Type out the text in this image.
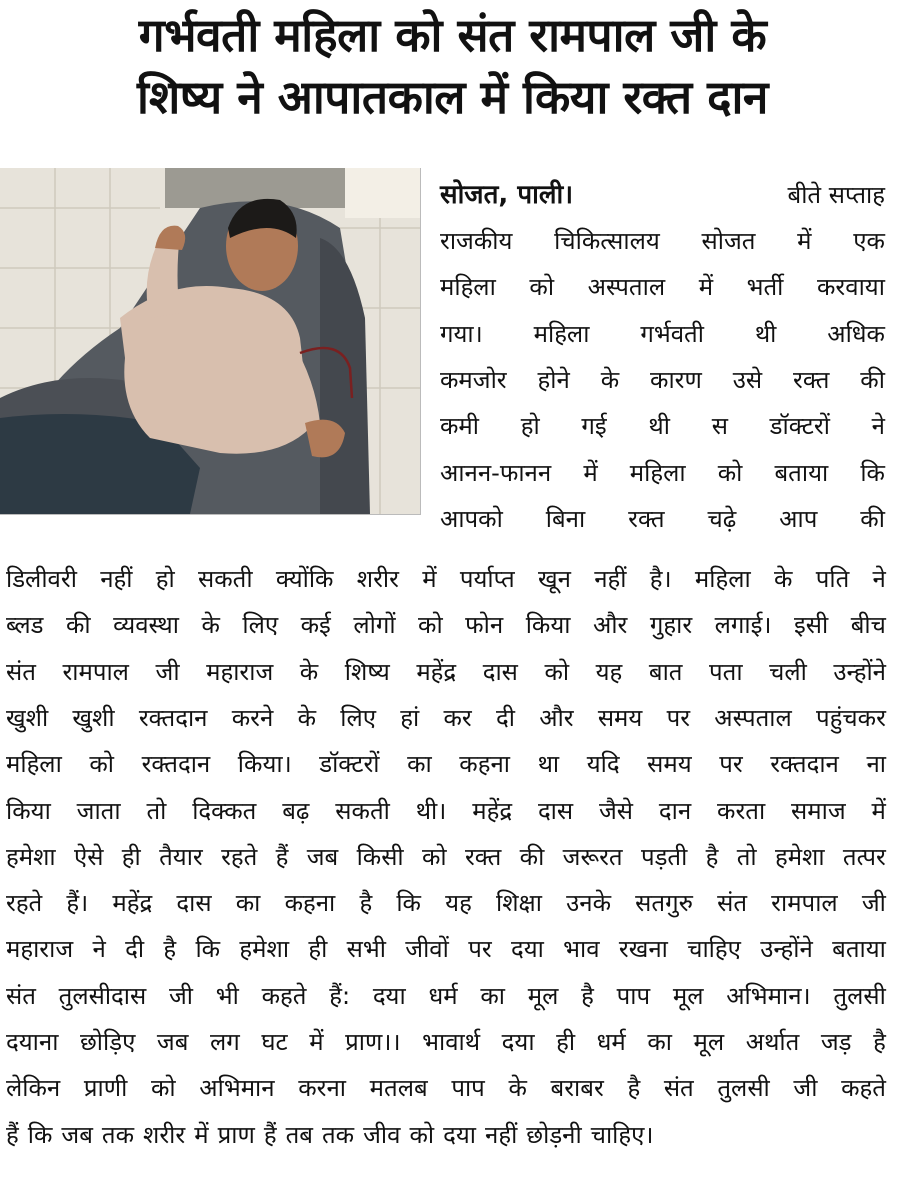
गर्भवती महिला को संत रामपाल जी के
शिष्य ने आपातकाल में किया रक्त दान
सोजत, पाली।	बीते सप्ताह
राजकीय चिकित्सालय सोजत में एक
महिला को अस्पताल में भर्ती करवाया
गया। महिला गर्भवती थी अधिक
कमजोर होने के कारण उसे रक्त की
कमी हो गई थी स डॉक्टरों ने
आनन-फानन में महिला को बताया कि
आपको बिना रक्त चढ़े आप की
डिलीवरी नहीं हो सकती क्योंकि शरीर में पर्याप्त खून नहीं है। महिला के पति ने
ब्लड की व्यवस्था के लिए कई लोगों को फोन किया और गुहार लगाई। इसी बीच
संत रामपाल जी महाराज के शिष्य महेंद्र दास को यह बात पता चली उन्होंने
खुशी खुशी रक्तदान करने के लिए हां कर दी और समय पर अस्पताल पहुंचकर
महिला को रक्तदान किया। डॉक्टरों का कहना था यदि समय पर रक्तदान ना
किया जाता तो दिक्कत बढ़ सकती थी। महेंद्र दास जैसे दान करता समाज में
हमेशा ऐसे ही तैयार रहते हैं जब किसी को रक्त की जरूरत पड़ती है तो हमेशा तत्पर
रहते हैं। महेंद्र दास का कहना है कि यह शिक्षा उनके सतगुरु संत रामपाल जी
महाराज ने दी है कि हमेशा ही सभी जीवों पर दया भाव रखना चाहिए उन्होंने बताया
संत तुलसीदास जी भी कहते हैं: दया धर्म का मूल है पाप मूल अभिमान। तुलसी
दयाना छोड़िए जब लग घट में प्राण।। भावार्थ दया ही धर्म का मूल अर्थात जड़ है
लेकिन प्राणी को अभिमान करना मतलब पाप के बराबर है संत तुलसी जी कहते
हैं कि जब तक शरीर में प्राण हैं तब तक जीव को दया नहीं छोड़नी चाहिए।
